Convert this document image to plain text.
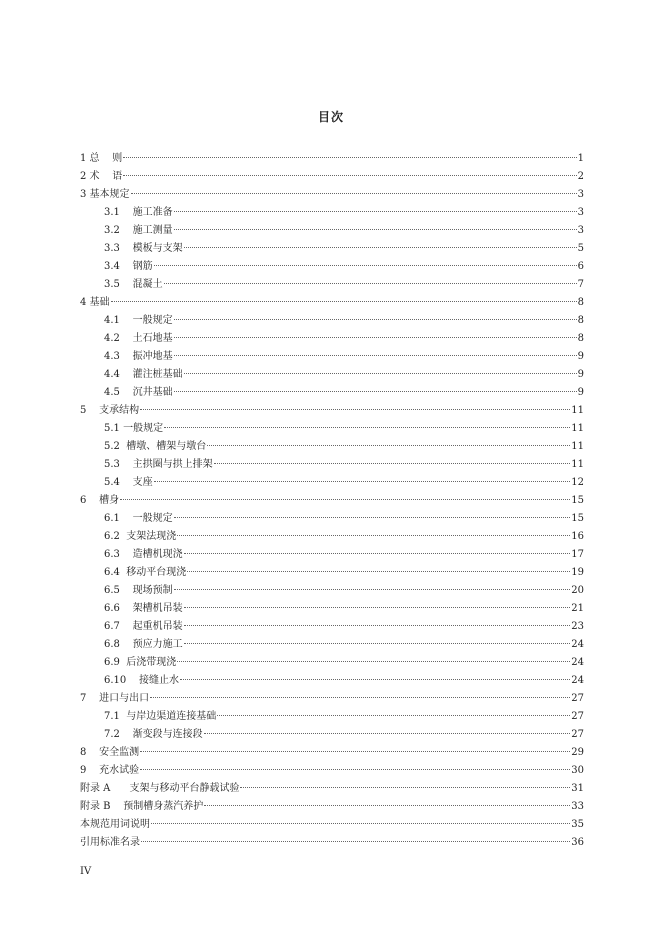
目次
1 总    则	1
2 术    语	2
3 基本规定	3
3.1    施工准备	3
3.2    施工测量	3
3.3    模板与支架	5
3.4    钢筋	6
3.5    混凝土	7
4 基础	8
4.1    一般规定	8
4.2    土石地基	8
4.3    振冲地基	9
4.4    灌注桩基础	9
4.5    沉井基础	9
5    支承结构	11
5.1 一般规定	11
5.2  槽墩、槽架与墩台	11
5.3    主拱圈与拱上排架	11
5.4    支座	12
6    槽身	15
6.1    一般规定	15
6.2  支架法现浇	16
6.3    造槽机现浇	17
6.4  移动平台现浇	19
6.5    现场预制	20
6.6    架槽机吊装	21
6.7    起重机吊装	23
6.8    预应力施工	24
6.9  后浇带现浇	24
6.10    接缝止水	24
7    进口与出口	27
7.1  与岸边渠道连接基础	27
7.2    渐变段与连接段	27
8    安全监测	29
9    充水试验	30
附录 A      支架与移动平台静载试验	31
附录 B    预制槽身蒸汽养护	33
本规范用词说明	35
引用标准名录	36
IV
